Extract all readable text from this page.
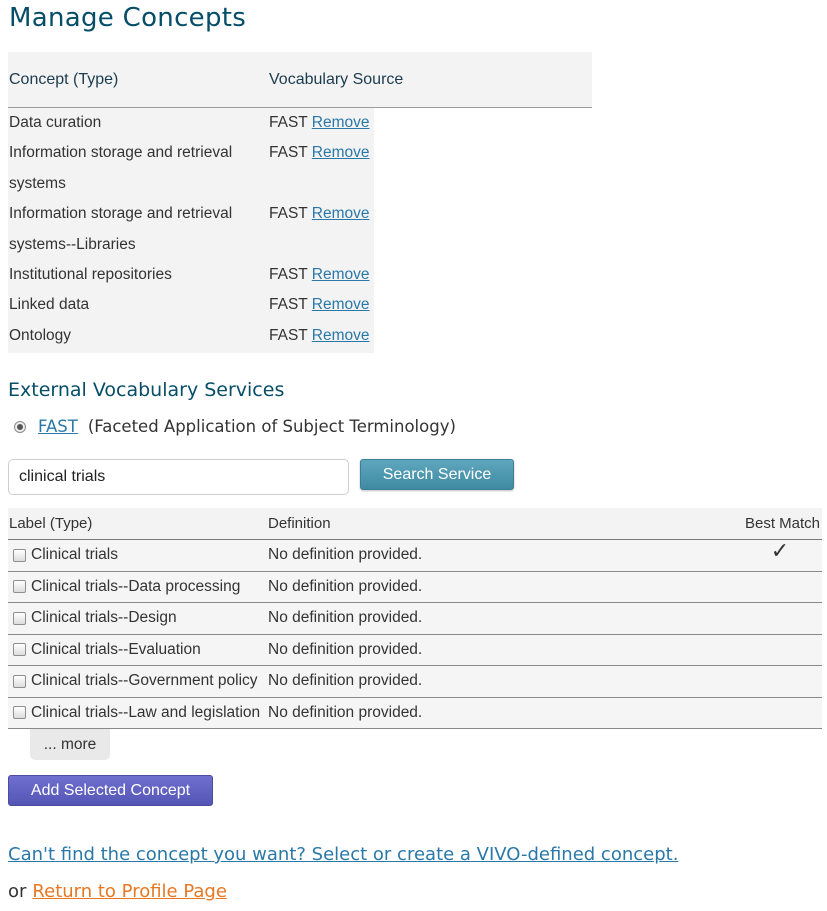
Manage Concepts
Concept (Type)	Vocabulary Source
Data curation	FAST Remove
Information storage and retrieval	FAST Remove
systems
Information storage and retrieval	FAST Remove
systems--Libraries
Institutional repositories	FAST Remove
Linked data	FAST Remove
Ontology	FAST Remove
External Vocabulary Services
FAST (Faceted Application of Subject Terminology)
clinical trials
Search Service
Label (Type)	Definition	Best Match
Clinical trials	No definition provided.	✓
Clinical trials--Data processing No definition provided.
Clinical trials--Design	No definition provided.
Clinical trials--Evaluation	No definition provided.
Clinical trials--Government policy No definition provided.
Clinical trials--Law and legislation No definition provided.
... more
Add Selected Concept
Can't find the concept you want? Select or create a VIVO-defined concept.
or Return to Profile Page
